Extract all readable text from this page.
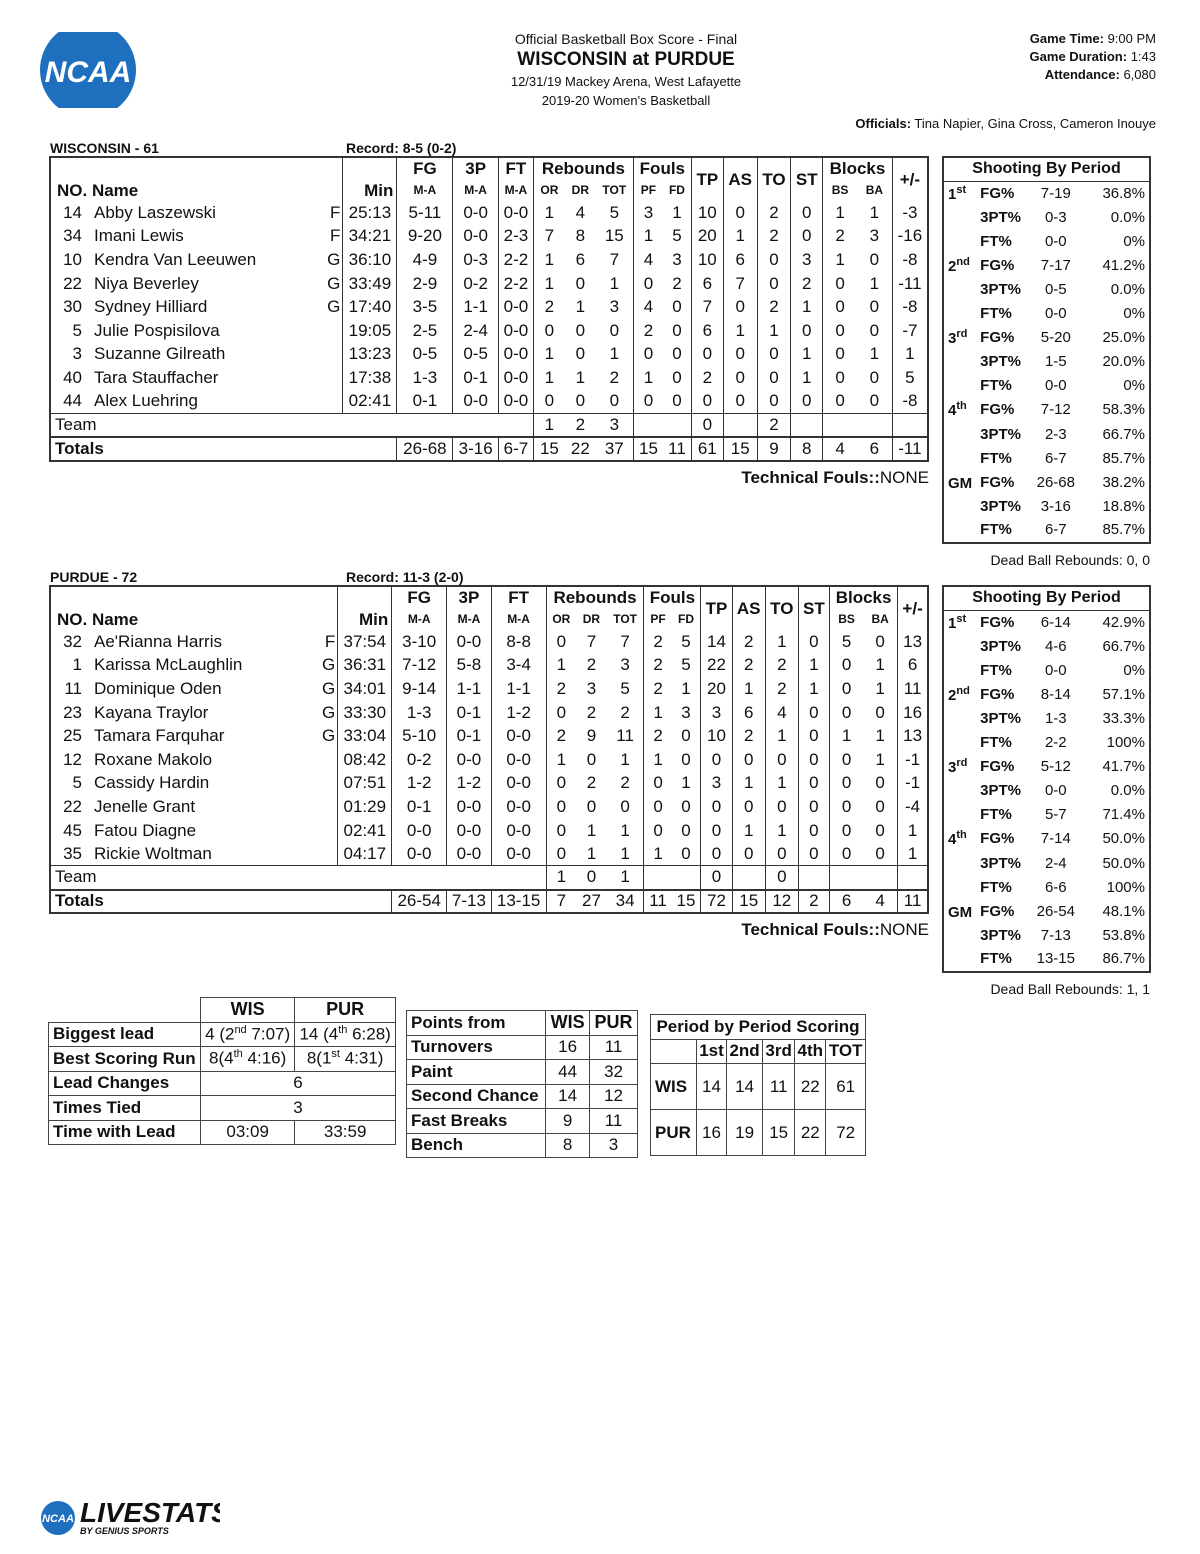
NCAA
Official Basketball Box Score - Final
WISCONSIN at PURDUE
12/31/19 Mackey Arena, West Lafayette
2019-20 Women's Basketball
Game Time: 9:00 PM
Game Duration: 1:43
Attendance: 6,080
Officials: Tina Napier, Gina Cross, Cameron Inouye
WISCONSIN - 61	Record: 8-5 (0-2)
NO. Name			Min	FG	3P	FT	Rebounds			Fouls		TP	AS	TO	ST	Blocks		+/-
				M-A	M-A	M-A	OR	DR	TOT	PF	FD					BS	BA	
14	Abby Laszewski	F	25:13	5-11	0-0	0-0	1	4	5	3	1	10	0	2	0	1	1	-3
34	Imani Lewis	F	34:21	9-20	0-0	2-3	7	8	15	1	5	20	1	2	0	2	3	-16
10	Kendra Van Leeuwen	G	36:10	4-9	0-3	2-2	1	6	7	4	3	10	6	0	3	1	0	-8
22	Niya Beverley	G	33:49	2-9	0-2	2-2	1	0	1	0	2	6	7	0	2	0	1	-11
30	Sydney Hilliard	G	17:40	3-5	1-1	0-0	2	1	3	4	0	7	0	2	1	0	0	-8
5	Julie Pospisilova		19:05	2-5	2-4	0-0	0	0	0	2	0	6	1	1	0	0	0	-7
3	Suzanne Gilreath		13:23	0-5	0-5	0-0	1	0	1	0	0	0	0	0	1	0	1	1
40	Tara Stauffacher		17:38	1-3	0-1	0-0	1	1	2	1	0	2	0	0	1	0	0	5
44	Alex Luehring		02:41	0-1	0-0	0-0	0	0	0	0	0	0	0	0	0	0	0	-8
Team							1	2	3			0		2				
Totals				26-68	3-16	6-7	15	22	37	15	11	61	15	9	8	4	6	-11
Technical Fouls::NONE
Shooting By Period			
1st	FG%	7-19	36.8%
	3PT%	0-3	0.0%
	FT%	0-0	0%
2nd	FG%	7-17	41.2%
	3PT%	0-5	0.0%
	FT%	0-0	0%
3rd	FG%	5-20	25.0%
	3PT%	1-5	20.0%
	FT%	0-0	0%
4th	FG%	7-12	58.3%
	3PT%	2-3	66.7%
	FT%	6-7	85.7%
GM	FG%	26-68	38.2%
	3PT%	3-16	18.8%
	FT%	6-7	85.7%
Dead Ball Rebounds: 0, 0
PURDUE - 72	Record: 11-3 (2-0)
NO. Name			Min	FG	3P	FT	Rebounds			Fouls		TP	AS	TO	ST	Blocks		+/-
				M-A	M-A	M-A	OR	DR	TOT	PF	FD					BS	BA	
32	Ae'Rianna Harris	F	37:54	3-10	0-0	8-8	0	7	7	2	5	14	2	1	0	5	0	13
1	Karissa McLaughlin	G	36:31	7-12	5-8	3-4	1	2	3	2	5	22	2	2	1	0	1	6
11	Dominique Oden	G	34:01	9-14	1-1	1-1	2	3	5	2	1	20	1	2	1	0	1	11
23	Kayana Traylor	G	33:30	1-3	0-1	1-2	0	2	2	1	3	3	6	4	0	0	0	16
25	Tamara Farquhar	G	33:04	5-10	0-1	0-0	2	9	11	2	0	10	2	1	0	1	1	13
12	Roxane Makolo		08:42	0-2	0-0	0-0	1	0	1	1	0	0	0	0	0	0	1	-1
5	Cassidy Hardin		07:51	1-2	1-2	0-0	0	2	2	0	1	3	1	1	0	0	0	-1
22	Jenelle Grant		01:29	0-1	0-0	0-0	0	0	0	0	0	0	0	0	0	0	0	-4
45	Fatou Diagne		02:41	0-0	0-0	0-0	0	1	1	0	0	0	1	1	0	0	0	1
35	Rickie Woltman		04:17	0-0	0-0	0-0	0	1	1	1	0	0	0	0	0	0	0	1
Team							1	0	1			0		0				
Totals				26-54	7-13	13-15	7	27	34	11	15	72	15	12	2	6	4	11
Technical Fouls::NONE
Shooting By Period			
1st	FG%	6-14	42.9%
	3PT%	4-6	66.7%
	FT%	0-0	0%
2nd	FG%	8-14	57.1%
	3PT%	1-3	33.3%
	FT%	2-2	100%
3rd	FG%	5-12	41.7%
	3PT%	0-0	0.0%
	FT%	5-7	71.4%
4th	FG%	7-14	50.0%
	3PT%	2-4	50.0%
	FT%	6-6	100%
GM	FG%	26-54	48.1%
	3PT%	7-13	53.8%
	FT%	13-15	86.7%
Dead Ball Rebounds: 1, 1
	WIS	PUR
Biggest lead	4 (2nd 7:07)	14 (4th 6:28)
Best Scoring Run	8(4th 4:16)	8(1st 4:31)
Lead Changes	6	
Times Tied	3	
Time with Lead	03:09	33:59
Points from	WIS	PUR
Turnovers	16	11
Paint	44	32
Second Chance	14	12
Fast Breaks	9	11
Bench	8	3
Period by Period Scoring					
	1st	2nd	3rd	4th	TOT
WIS	14	14	11	22	61
PUR	16	19	15	22	72
NCAA LIVESTATS
BY GENIUS SPORTS
